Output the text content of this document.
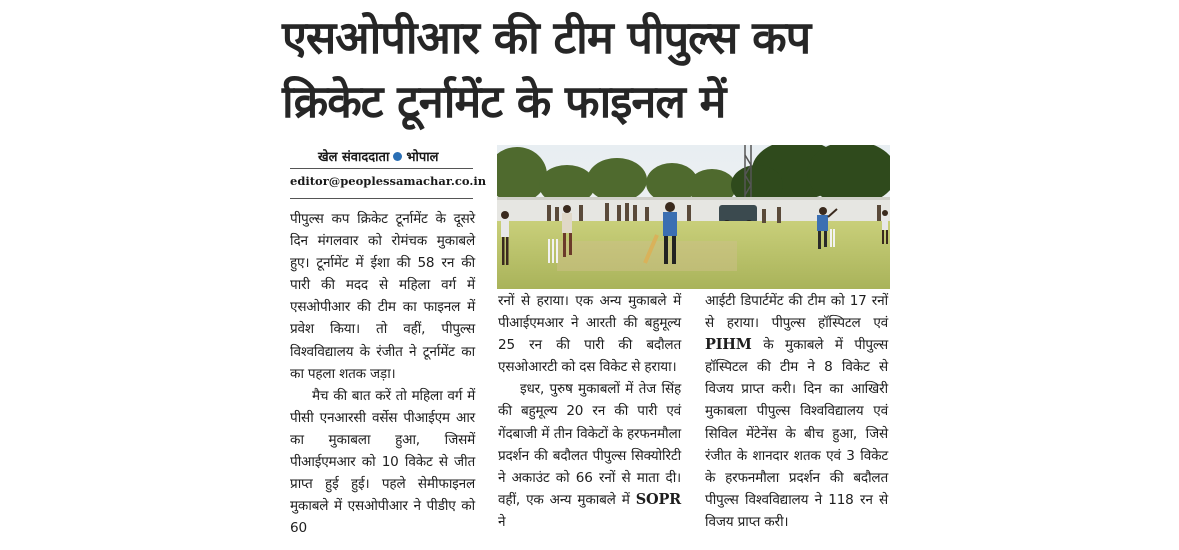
एसओपीआर की टीम पीपुल्स कप
क्रिकेट टूर्नामेंट के फाइनल में
खेल संवाददाता भोपाल
editor@peoplessamachar.co.in

पीपुल्स कप क्रिकेट टूर्नामेंट के दूसरे दिन मंगलवार को रोमंचक मुकाबले हुए। टूर्नामेंट में ईशा की 58 रन की पारी की मदद से महिला वर्ग में एसओपीआर की टीम का फाइनल में प्रवेश किया। तो वहीं, पीपुल्स विश्वविद्यालय के रंजीत ने टूर्नामेंट का का पहला शतक जड़ा।

मैच की बात करें तो महिला वर्ग में पीसी एनआरसी वर्सेस पीआईएम आर का मुकाबला हुआ, जिसमें पीआईएमआर को 10 विकेट से जीत प्राप्त हुई हुई। पहले सेमीफाइनल मुकाबले में एसओपीआर ने पीडीए को 60

रनों से हराया। एक अन्य मुकाबले में पीआईएमआर ने आरती की बहुमूल्य 25 रन की पारी की बदौलत एसओआरटी को दस विकेट से हराया।

इधर, पुरुष मुकाबलों में तेज सिंह की बहुमूल्य 20 रन की पारी एवं गेंदबाजी में तीन विकेटों के हरफनमौला प्रदर्शन की बदौलत पीपुल्स सिक्योरिटी ने अकाउंट को 66 रनों से माता दी। वहीं, एक अन्य मुकाबले में SOPR ने

आईटी डिपार्टमेंट की टीम को 17 रनों से हराया। पीपुल्स हॉस्पिटल एवं PIHM के मुकाबले में पीपुल्स हॉस्पिटल की टीम ने 8 विकेट से विजय प्राप्त करी। दिन का आखिरी मुकाबला पीपुल्स विश्वविद्यालय एवं सिविल मेंटेनेंस के बीच हुआ, जिसे रंजीत के शानदार शतक एवं 3 विकेट के हरफनमौला प्रदर्शन की बदौलत पीपुल्स विश्वविद्यालय ने 118 रन से विजय प्राप्त करी।
